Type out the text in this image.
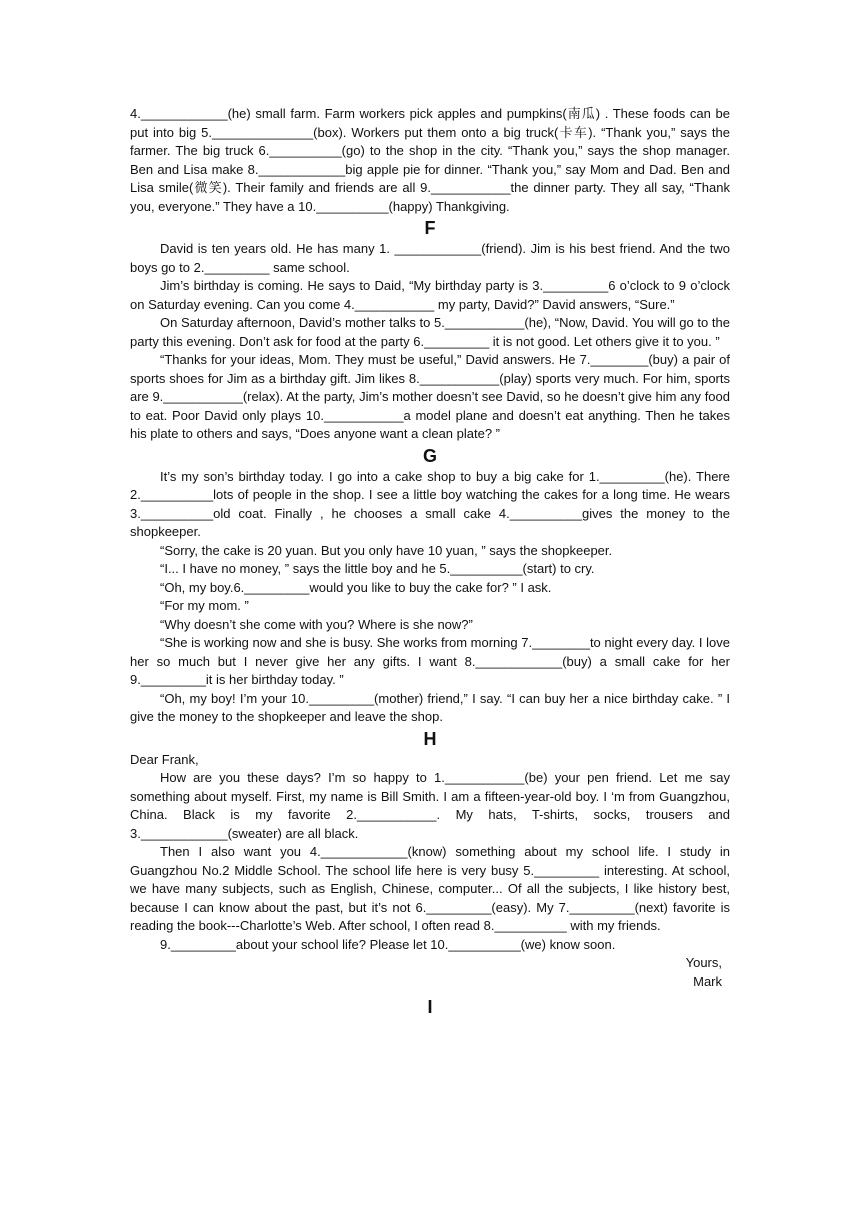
4.____________(he) small farm. Farm workers pick apples and pumpkins(南瓜) . These foods can be put into big 5.______________(box). Workers put them onto a big truck(卡车). “Thank you,” says the farmer. The big truck 6.__________(go) to the shop in the city. “Thank you,” says the shop manager. Ben and Lisa make 8.____________big apple pie for dinner. “Thank you,” say Mom and Dad. Ben and Lisa smile(微笑). Their family and friends are all 9.___________the dinner party. They all say, “Thank you, everyone.” They have a 10.__________(happy) Thankgiving.

F

David is ten years old. He has many 1. ____________(friend). Jim is his best friend. And the two boys go to 2._________ same school.

Jim’s birthday is coming. He says to Daid, “My birthday party is 3._________6 o’clock to 9 o’clock on Saturday evening. Can you come 4.___________ my party, David?” David answers, “Sure.”

On Saturday afternoon, David’s mother talks to 5.___________(he), “Now, David. You will go to the party this evening. Don’t ask for food at the party 6._________ it is not good. Let others give it to you. ”

“Thanks for your ideas, Mom. They must be useful,” David answers. He 7.________(buy) a pair of sports shoes for Jim as a birthday gift. Jim likes 8.___________(play) sports very much. For him, sports are 9.___________(relax). At the party, Jim’s mother doesn’t see David, so he doesn’t give him any food to eat. Poor David only plays 10.___________a model plane and doesn’t eat anything. Then he takes his plate to others and says, “Does anyone want a clean plate? ”

G

It’s my son’s birthday today. I go into a cake shop to buy a big cake for 1._________(he). There 2.__________lots of people in the shop. I see a little boy watching the cakes for a long time. He wears 3.__________old coat. Finally , he chooses a small cake 4.__________gives the money to the shopkeeper.

“Sorry, the cake is 20 yuan. But you only have 10 yuan, ” says the shopkeeper.

“I... I have no money, ” says the little boy and he 5.__________(start) to cry.

“Oh, my boy.6._________would you like to buy the cake for? ” I ask.

“For my mom. ”

“Why doesn’t she come with you? Where is she now?”

“She is working now and she is busy. She works from morning 7.________to night every day. I love her so much but I never give her any gifts. I want 8.____________(buy) a small cake for her 9._________it is her birthday today. ”

“Oh, my boy! I’m your 10._________(mother) friend,” I say. “I can buy her a nice birthday cake. ” I give the money to the shopkeeper and leave the shop.

H

Dear Frank,

How are you these days? I’m so happy to 1.___________(be) your pen friend. Let me say something about myself. First, my name is Bill Smith. I am a fifteen-year-old boy. I ‘m from Guangzhou, China. Black is my favorite 2.___________. My hats, T-shirts, socks, trousers and 3.____________(sweater) are all black.

Then I also want you 4.____________(know) something about my school life. I study in Guangzhou No.2 Middle School. The school life here is very busy 5._________ interesting. At school, we have many subjects, such as English, Chinese, computer... Of all the subjects, I like history best, because I can know about the past, but it’s not 6._________(easy). My 7._________(next) favorite is reading the book---Charlotte’s Web. After school, I often read 8.__________ with my friends.

9._________about your school life? Please let 10.__________(we) know soon.

Yours,

Mark

I
